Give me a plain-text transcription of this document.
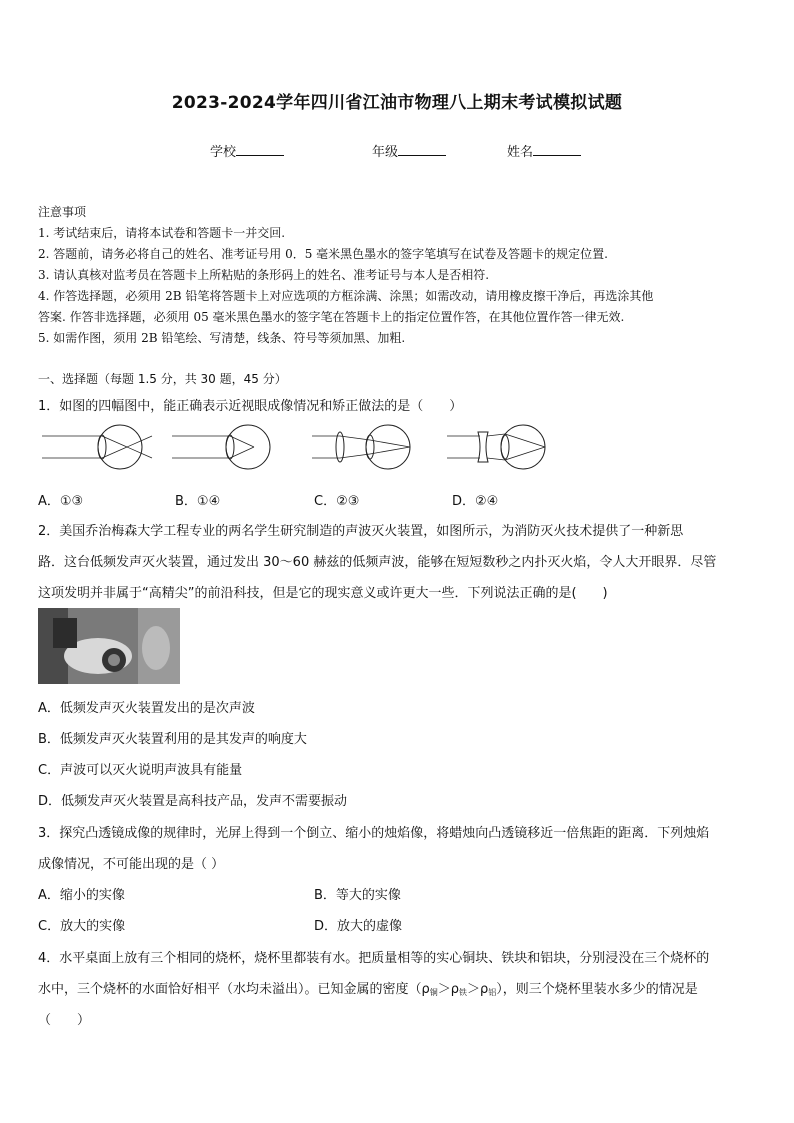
2023-2024学年四川省江油市物理八上期末考试模拟试题
学校	年级	姓名
注意事项
1. 考试结束后，请将本试卷和答题卡一并交回.
2. 答题前，请务必将自己的姓名、准考证号用 0．5 毫米黑色墨水的签字笔填写在试卷及答题卡的规定位置.
3. 请认真核对监考员在答题卡上所粘贴的条形码上的姓名、准考证号与本人是否相符.
4. 作答选择题，必须用 2B 铅笔将答题卡上对应选项的方框涂满、涂黑；如需改动，请用橡皮擦干净后，再选涂其他
答案. 作答非选择题，必须用 05 毫米黑色墨水的签字笔在答题卡上的指定位置作答，在其他位置作答一律无效.
5. 如需作图，须用 2B 铅笔绘、写清楚，线条、符号等须加黑、加粗.
一、选择题（每题 1.5 分，共 30 题，45 分）
1．如图的四幅图中，能正确表示近视眼成像情况和矫正做法的是（　　）
A．①③	B．①④	C．②③	D．②④
2．美国乔治梅森大学工程专业的两名学生研究制造的声波灭火装置，如图所示，为消防灭火技术提供了一种新思
路．这台低频发声灭火装置，通过发出 30～60 赫兹的低频声波，能够在短短数秒之内扑灭火焰，令人大开眼界．尽管
这项发明并非属于“高精尖”的前沿科技，但是它的现实意义或许更大一些．下列说法正确的是(　　)
A．低频发声灭火装置发出的是次声波
B．低频发声灭火装置利用的是其发声的响度大
C．声波可以灭火说明声波具有能量
D．低频发声灭火装置是高科技产品，发声不需要振动
3．探究凸透镜成像的规律时，光屏上得到一个倒立、缩小的烛焰像，将蜡烛向凸透镜移近一倍焦距的距离．下列烛焰
成像情况，不可能出现的是（ ）
A．缩小的实像	B．等大的实像
C．放大的实像	D．放大的虚像
4．水平桌面上放有三个相同的烧杯，烧杯里都装有水。把质量相等的实心铜块、铁块和铝块，分别浸没在三个烧杯的
水中，三个烧杯的水面恰好相平（水均未溢出）。已知金属的密度$(\rho_铜>\rho_铁>\rho_铝)$，则三个烧杯里装水多少的情况是
（　　）
